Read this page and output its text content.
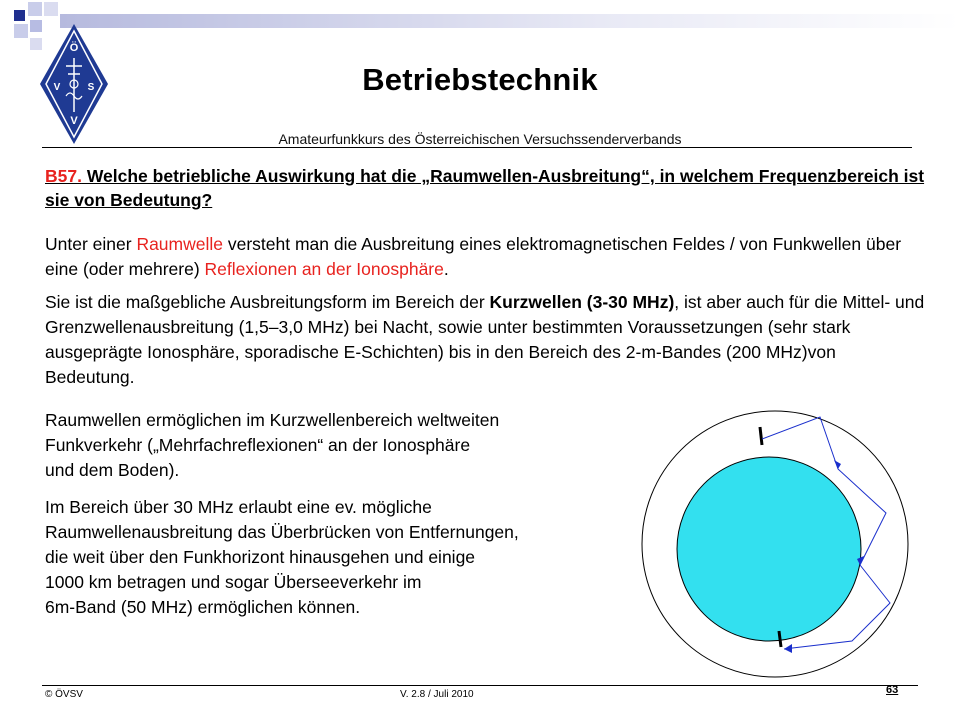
Ö
V	S
V
Betriebstechnik
Amateurfunkkurs des Österreichischen Versuchssenderverbands
B57. Welche betriebliche Auswirkung hat die „Raumwellen-Ausbreitung“, in welchem Frequenzbereich ist sie von Bedeutung?
Unter einer Raumwelle versteht man die Ausbreitung eines elektromagnetischen Feldes / von Funkwellen über eine (oder mehrere) Reflexionen an der Ionosphäre.
Sie ist die maßgebliche Ausbreitungsform im Bereich der Kurzwellen (3-30 MHz), ist aber auch für die Mittel- und Grenzwellenausbreitung (1,5–3,0 MHz) bei Nacht, sowie unter bestimmten Voraussetzungen (sehr stark ausgeprägte Ionosphäre, sporadische E-Schichten) bis in den Bereich des 2-m-Bandes (200 MHz)von Bedeutung.
Raumwellen ermöglichen im Kurzwellenbereich weltweiten
Funkverkehr („Mehrfachreflexionen“ an der Ionosphäre
und dem Boden).
Im Bereich über 30 MHz erlaubt eine ev. mögliche
Raumwellenausbreitung das Überbrücken von Entfernungen,
die weit über den Funkhorizont hinausgehen und einige
1000 km betragen und sogar Überseeverkehr im
6m-Band (50 MHz) ermöglichen können.
© ÖVSV	V. 2.8 / Juli 2010	63
